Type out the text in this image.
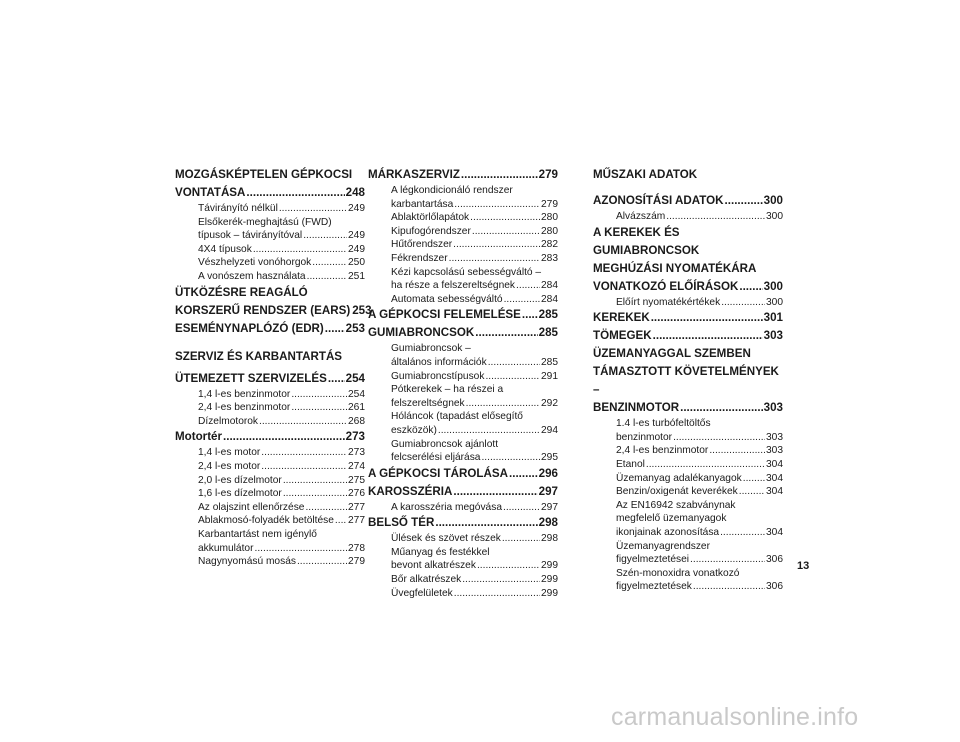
MOZGÁSKÉPTELEN GÉPKOCSI
VONTATÁSA .....	248
Távirányító nélkül .....	249
Elsőkerék-meghajtású (FWD)
típusok – távirányítóval .....	249
4X4 típusok .....	249
Vészhelyzeti vonóhorgok .....	250
A vonószem használata .....	251
ÜTKÖZÉSRE REAGÁLÓ
KORSZERŰ RENDSZER (EARS) 253
ESEMÉNYNAPLÓZÓ (EDR) ..... 253
SZERVIZ ÉS KARBANTARTÁS
ÜTEMEZETT SZERVIZELÉS ..... 254
1,4 l-es benzinmotor .....	254
2,4 l-es benzinmotor .....	261
Dízelmotorok .....	268
Motortér .....	273
1,4 l-es motor .....	273
2,4 l-es motor .....	274
2,0 l-es dízelmotor .....	275
1,6 l-es dízelmotor .....	276
Az olajszint ellenőrzése .....	277
Ablakmosó-folyadék betöltése ..... 277
Karbantartást nem igénylő
akkumulátor .....	278
Nagynyomású mosás .....	279
MÁRKASZERVIZ .....	279
A légkondicionáló rendszer
karbantartása .....	279
Ablaktörlőlapátok .....	280
Kipufogórendszer .....	280
Hűtőrendszer .....	282
Fékrendszer .....	283
Kézi kapcsolású sebességváltó –
ha része a felszereltségnek .....	284
Automata sebességváltó .....	284
A GÉPKOCSI FELEMELÉSE ..... 285
GUMIABRONCSOK .....	285
Gumiabroncsok –
általános információk .....	285
Gumiabroncstípusok .....	291
Pótkerekek – ha részei a
felszereltségnek .....	292
Hóláncok (tapadást elősegítő
eszközök) .....	294
Gumiabroncsok ajánlott
felcserélési eljárása .....	295
A GÉPKOCSI TÁROLÁSA .....	296
KAROSSZÉRIA .....	297
A karosszéria megóvása .....	297
BELSŐ TÉR .....	298
Ülések és szövet részek .....	298
Műanyag és festékkel
bevont alkatrészek .....	299
Bőr alkatrészek .....	299
Üvegfelületek .....	299
MŰSZAKI ADATOK
AZONOSÍTÁSI ADATOK .....	300
Alvázszám .....	300
A KEREKEK ÉS GUMIABRONCSOK
MEGHÚZÁSI NYOMATÉKÁRA
VONATKOZÓ ELŐÍRÁSOK ..... 300
Előírt nyomatékértékek .....	300
KEREKEK .....	301
TÖMEGEK .....	303
ÜZEMANYAGGAL SZEMBEN
TÁMASZTOTT KÖVETELMÉNYEK –
BENZINMOTOR .....	303
1.4 l-es turbófeltöltős
benzinmotor .....	303
2,4 l-es benzinmotor .....	303
Etanol .....	304
Üzemanyag adalékanyagok ..... 304
Benzin/oxigenát keverékek .....	304
Az EN16942 szabványnak
megfelelő üzemanyagok
ikonjainak azonosítása .....	304
Üzemanyagrendszer
figyelmeztetései .....	306
Szén-monoxidra vonatkozó
figyelmeztetések .....	306
13
carmanualsonline.info
